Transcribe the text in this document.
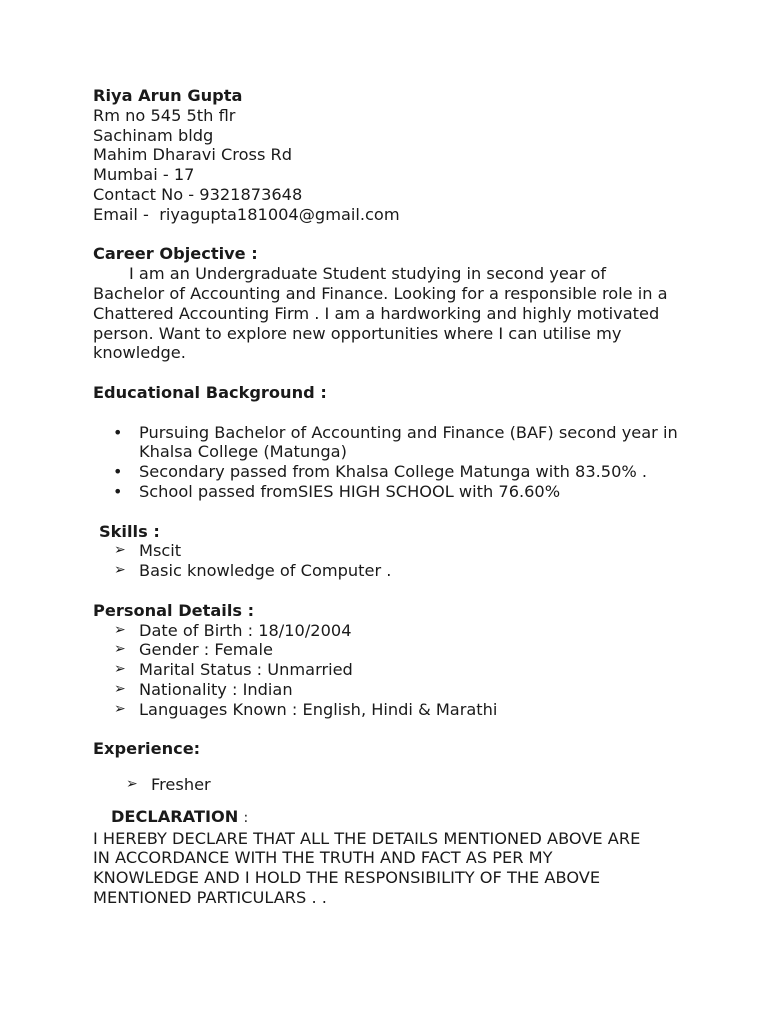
Riya Arun Gupta
Rm no 545 5th flr
Sachinam bldg
Mahim Dharavi Cross Rd
Mumbai - 17
Contact No - 9321873648
Email -  riyagupta181004@gmail.com
Career Objective :
I am an Undergraduate Student studying in second year of Bachelor of Accounting and Finance. Looking for a responsible role in a Chattered Accounting Firm . I am a hardworking and highly motivated person. Want to explore new opportunities where I can utilise my knowledge.
Educational Background :
• Pursuing Bachelor of Accounting and Finance (BAF) second year in Khalsa College (Matunga)
• Secondary passed from Khalsa College Matunga with 83.50% .
• School passed fromSIES HIGH SCHOOL with 76.60%
Skills :
➢ Mscit
➢ Basic knowledge of Computer .
Personal Details :
➢ Date of Birth : 18/10/2004
➢ Gender : Female
➢ Marital Status : Unmarried
➢ Nationality : Indian
➢ Languages Known : English, Hindi & Marathi
Experience:
➢ Fresher
DECLARATION :
I HEREBY DECLARE THAT ALL THE DETAILS MENTIONED ABOVE ARE IN ACCORDANCE WITH THE TRUTH AND FACT AS PER MY KNOWLEDGE AND I HOLD THE RESPONSIBILITY OF THE ABOVE MENTIONED PARTICULARS . .
